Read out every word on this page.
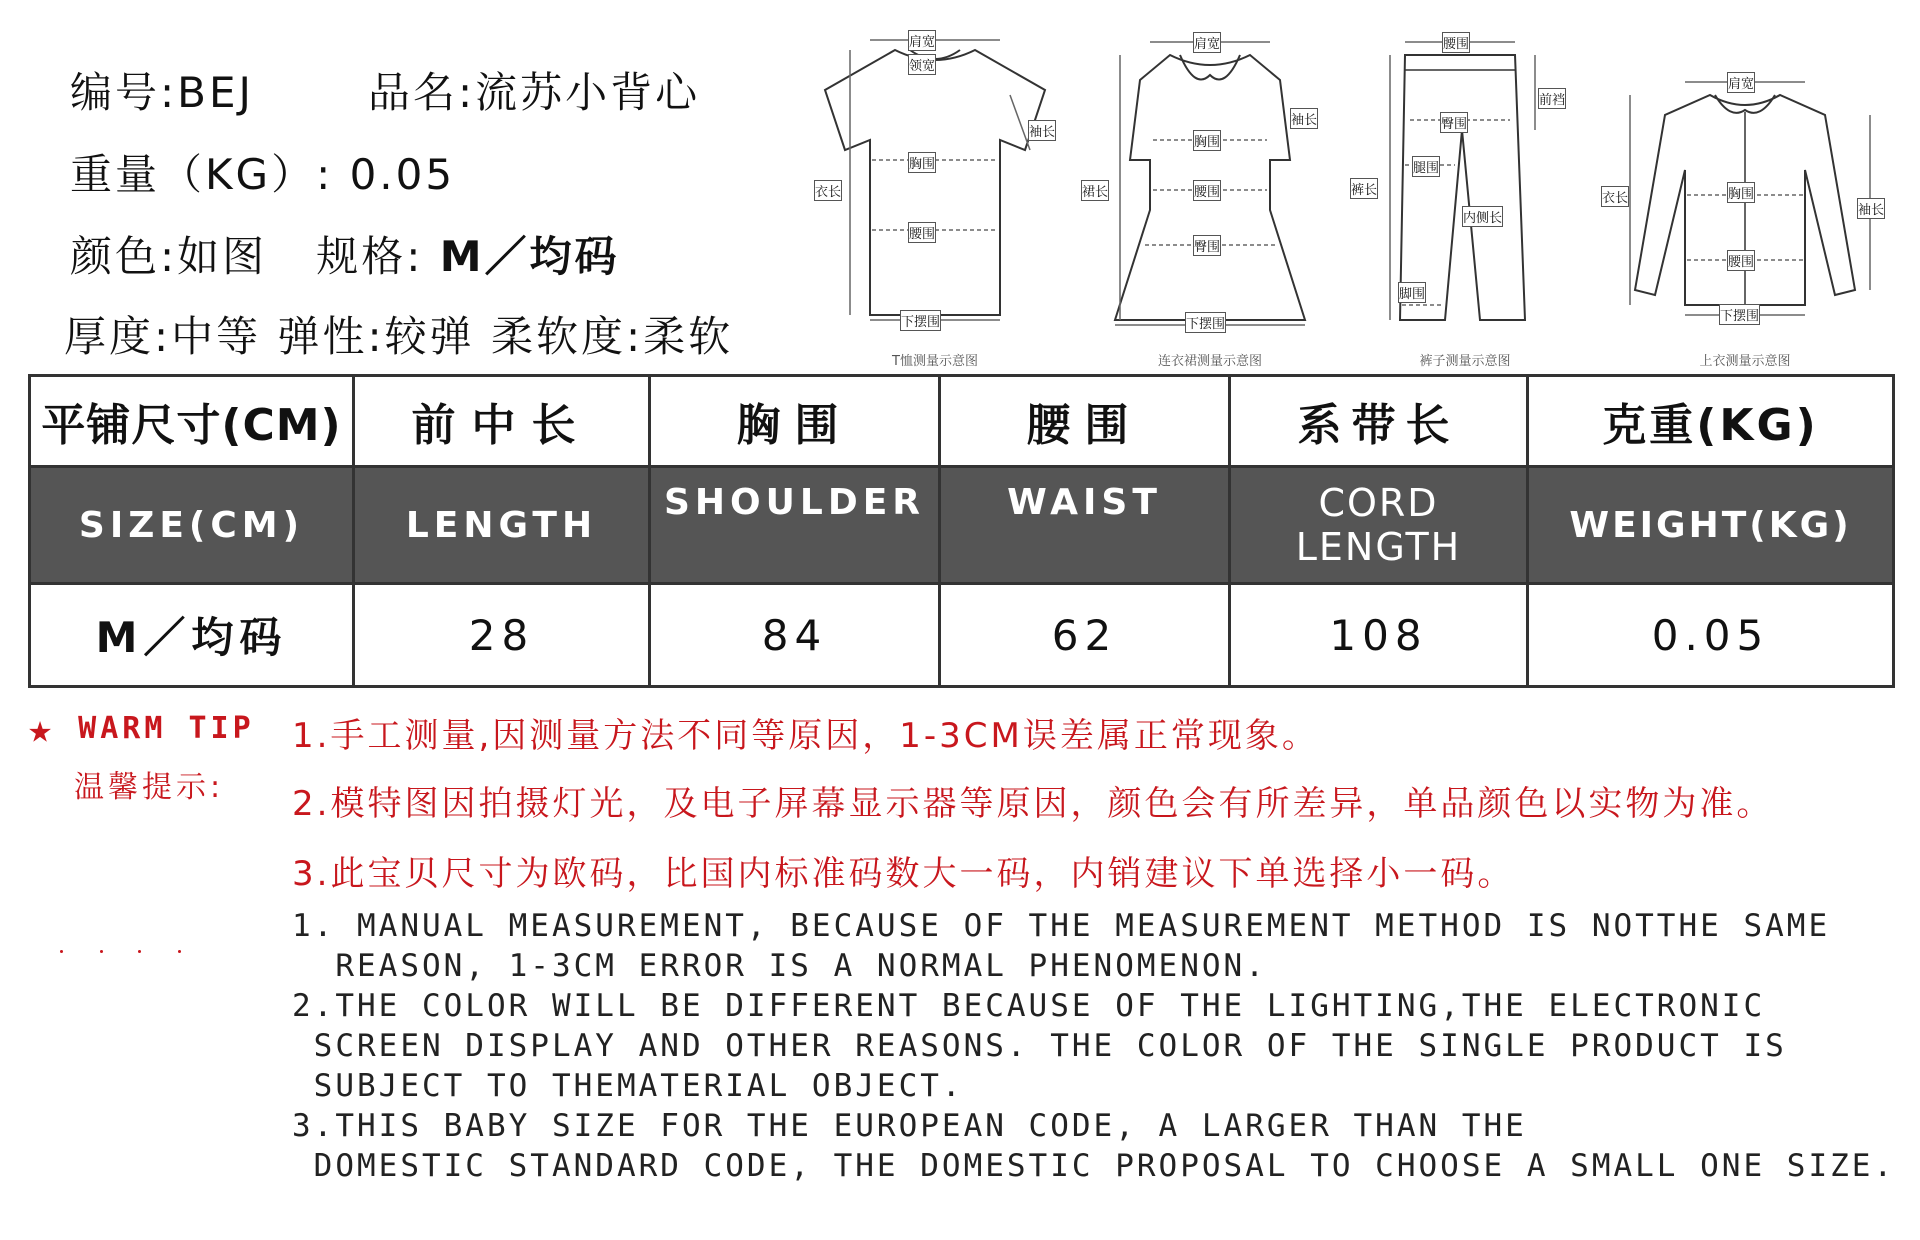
编号:BEJ	品名:流苏小背心
重量（KG）: 0.05
颜色:如图 规格: M／均码
厚度:中等 弹性:较弹 柔软度:柔软
肩宽
领宽
袖长
胸围
衣长
腰围
下摆围
T恤测量示意图
肩宽
袖长
胸围
裙长	腰围
臀围
下摆围
连衣裙测量示意图
腰围
前裆
臀围
腿围
裤长
内侧长
脚围
裤子测量示意图
肩宽
衣长	胸围
袖长
腰围
下摆围
上衣测量示意图
平铺尺寸(CM)	前中长	胸围	腰围	系带长	克重(KG)
SIZE(CM)	LENGTH	SHOULDER	WAIST	CORD LENGTH	WEIGHT(KG)
M／均码	28	84	62	108	0.05
★ WARM TIP
温馨提示:
1.手工测量,因测量方法不同等原因，1-3CM误差属正常现象。
2.模特图因拍摄灯光，及电子屏幕显示器等原因，颜色会有所差异，单品颜色以实物为准。
3.此宝贝尺寸为欧码，比国内标准码数大一码，内销建议下单选择小一码。
1. MANUAL MEASUREMENT, BECAUSE OF THE MEASUREMENT METHOD IS NOTTHE SAME
REASON, 1-3CM ERROR IS A NORMAL PHENOMENON.
2.THE COLOR WILL BE DIFFERENT BECAUSE OF THE LIGHTING,THE ELECTRONIC
SCREEN DISPLAY AND OTHER REASONS. THE COLOR OF THE SINGLE PRODUCT IS
SUBJECT TO THEMATERIAL OBJECT.
3.THIS BABY SIZE FOR THE EUROPEAN CODE, A LARGER THAN THE
DOMESTIC STANDARD CODE, THE DOMESTIC PROPOSAL TO CHOOSE A SMALL ONE SIZE.
